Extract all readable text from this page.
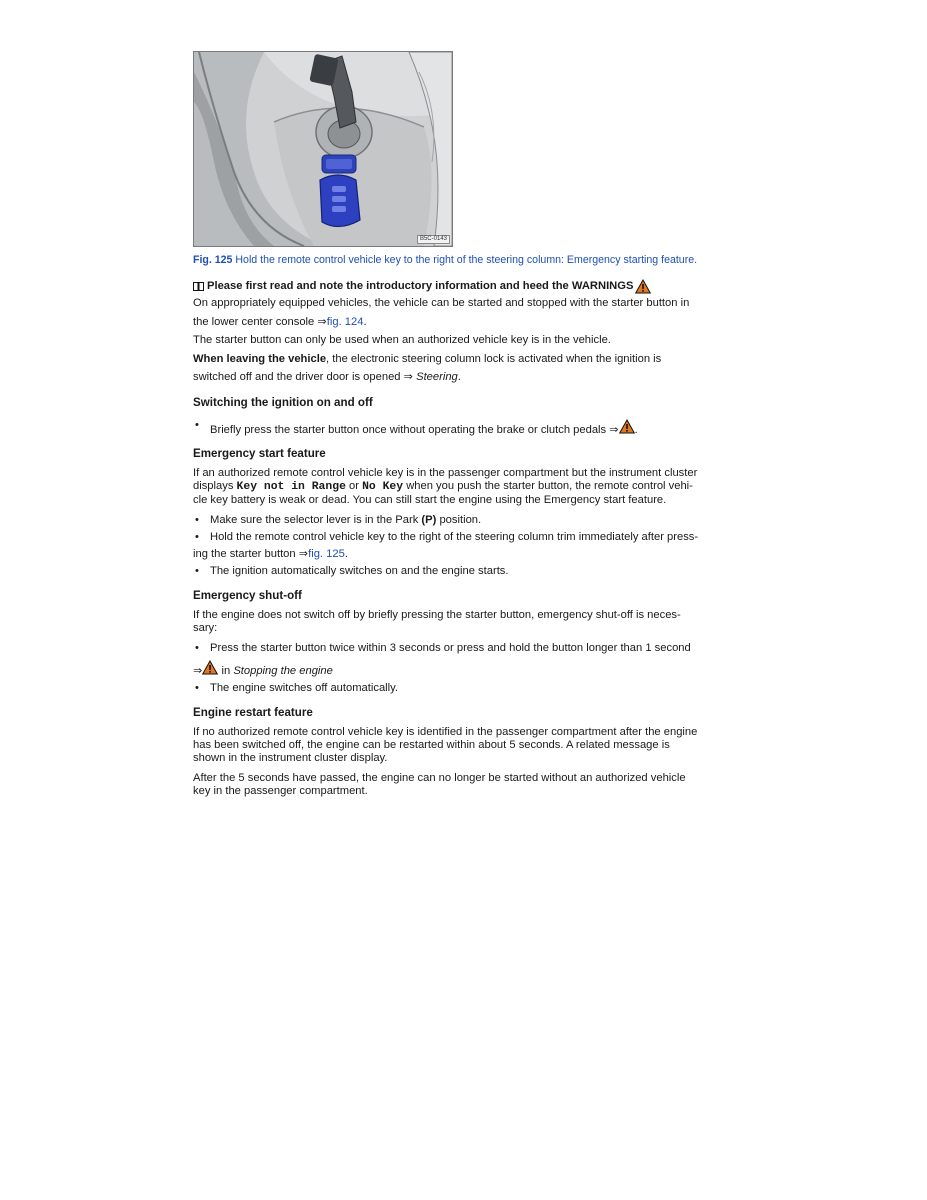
B5C-0143
Fig. 125 Hold the remote control vehicle key to the right of the steering column: Emergency starting feature.
Please first read and note the introductory information and heed the WARNINGS

On appropriately equipped vehicles, the vehicle can be started and stopped with the starter button in
the lower center console ⇒fig. 124.

The starter button can only be used when an authorized vehicle key is in the vehicle.

When leaving the vehicle, the electronic steering column lock is activated when the ignition is
switched off and the driver door is opened ⇒ Steering.

Switching the ignition on and off
• Briefly press the starter button once without operating the brake or clutch pedals ⇒ .
Emergency start feature

If an authorized remote control vehicle key is in the passenger compartment but the instrument cluster
displays Key not in Range or No Key when you push the starter button, the remote control vehi-
cle key battery is weak or dead. You can still start the engine using the Emergency start feature.

• Make sure the selector lever is in the Park (P) position.
• Hold the remote control vehicle key to the right of the steering column trim immediately after press-
ing the starter button ⇒fig. 125.
• The ignition automatically switches on and the engine starts.
Emergency shut-off

If the engine does not switch off by briefly pressing the starter button, emergency shut-off is neces-
sary:

• Press the starter button twice within 3 seconds or press and hold the button longer than 1 second
⇒ in Stopping the engine
• The engine switches off automatically.
Engine restart feature

If no authorized remote control vehicle key is identified in the passenger compartment after the engine
has been switched off, the engine can be restarted within about 5 seconds. A related message is
shown in the instrument cluster display.

After the 5 seconds have passed, the engine can no longer be started without an authorized vehicle
key in the passenger compartment.
